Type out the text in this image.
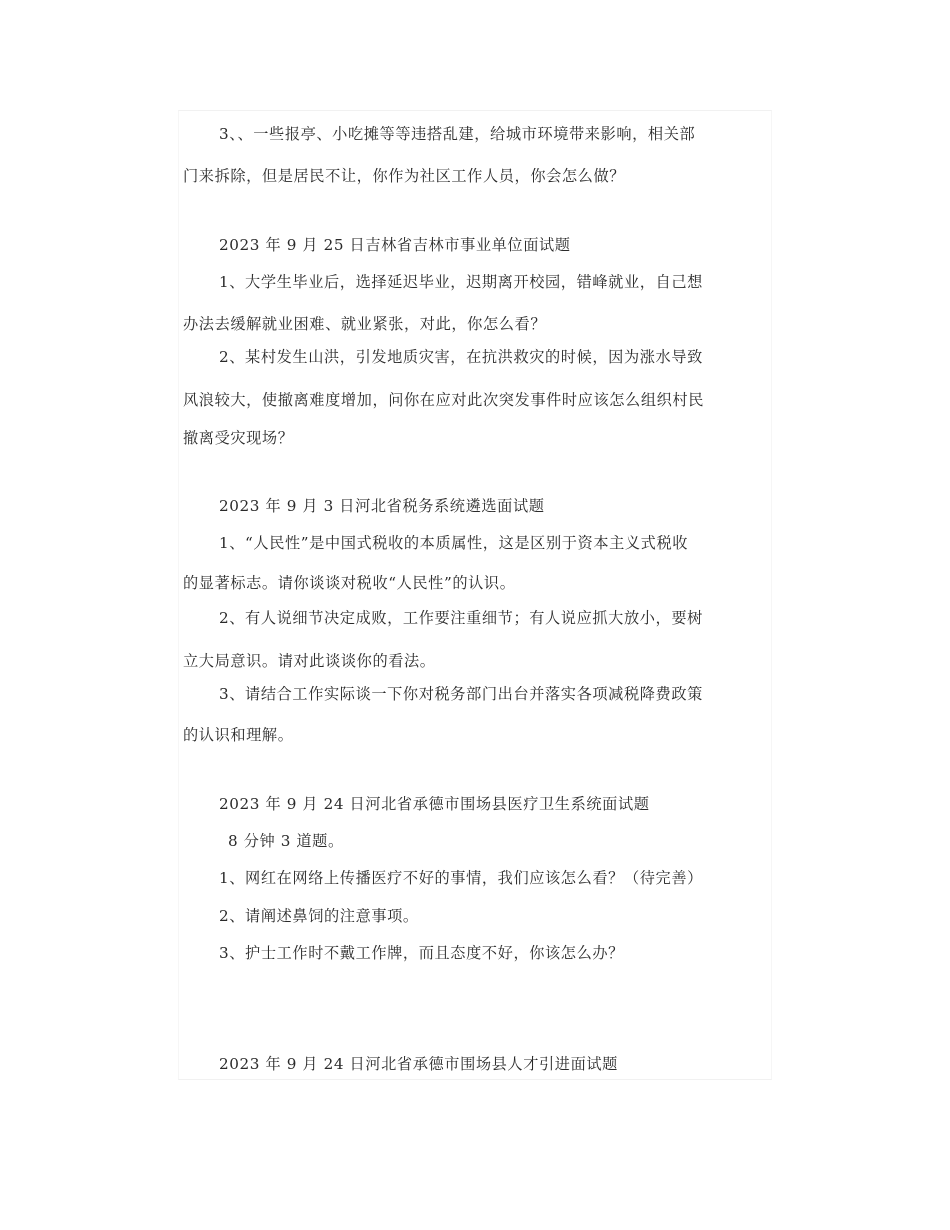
3、、一些报亭、小吃摊等等违搭乱建，给城市环境带来影响，相关部
门来拆除，但是居民不让，你作为社区工作人员，你会怎么做？
2023 年 9 月 25 日吉林省吉林市事业单位面试题
1、大学生毕业后，选择延迟毕业，迟期离开校园，错峰就业，自己想
办法去缓解就业困难、就业紧张，对此，你怎么看？
2、某村发生山洪，引发地质灾害，在抗洪救灾的时候，因为涨水导致
风浪较大，使撤离难度增加，问你在应对此次突发事件时应该怎么组织村民
撤离受灾现场？
2023 年 9 月 3 日河北省税务系统遴选面试题
1、“人民性”是中国式税收的本质属性，这是区别于资本主义式税收
的显著标志。请你谈谈对税收“人民性”的认识。
2、有人说细节决定成败，工作要注重细节；有人说应抓大放小，要树
立大局意识。请对此谈谈你的看法。
3、请结合工作实际谈一下你对税务部门出台并落实各项减税降费政策
的认识和理解。
2023 年 9 月 24 日河北省承德市围场县医疗卫生系统面试题
8 分钟 3 道题。
1、网红在网络上传播医疗不好的事情，我们应该怎么看？（待完善）
2、请阐述鼻饲的注意事项。
3、护士工作时不戴工作牌，而且态度不好，你该怎么办？
2023 年 9 月 24 日河北省承德市围场县人才引进面试题
